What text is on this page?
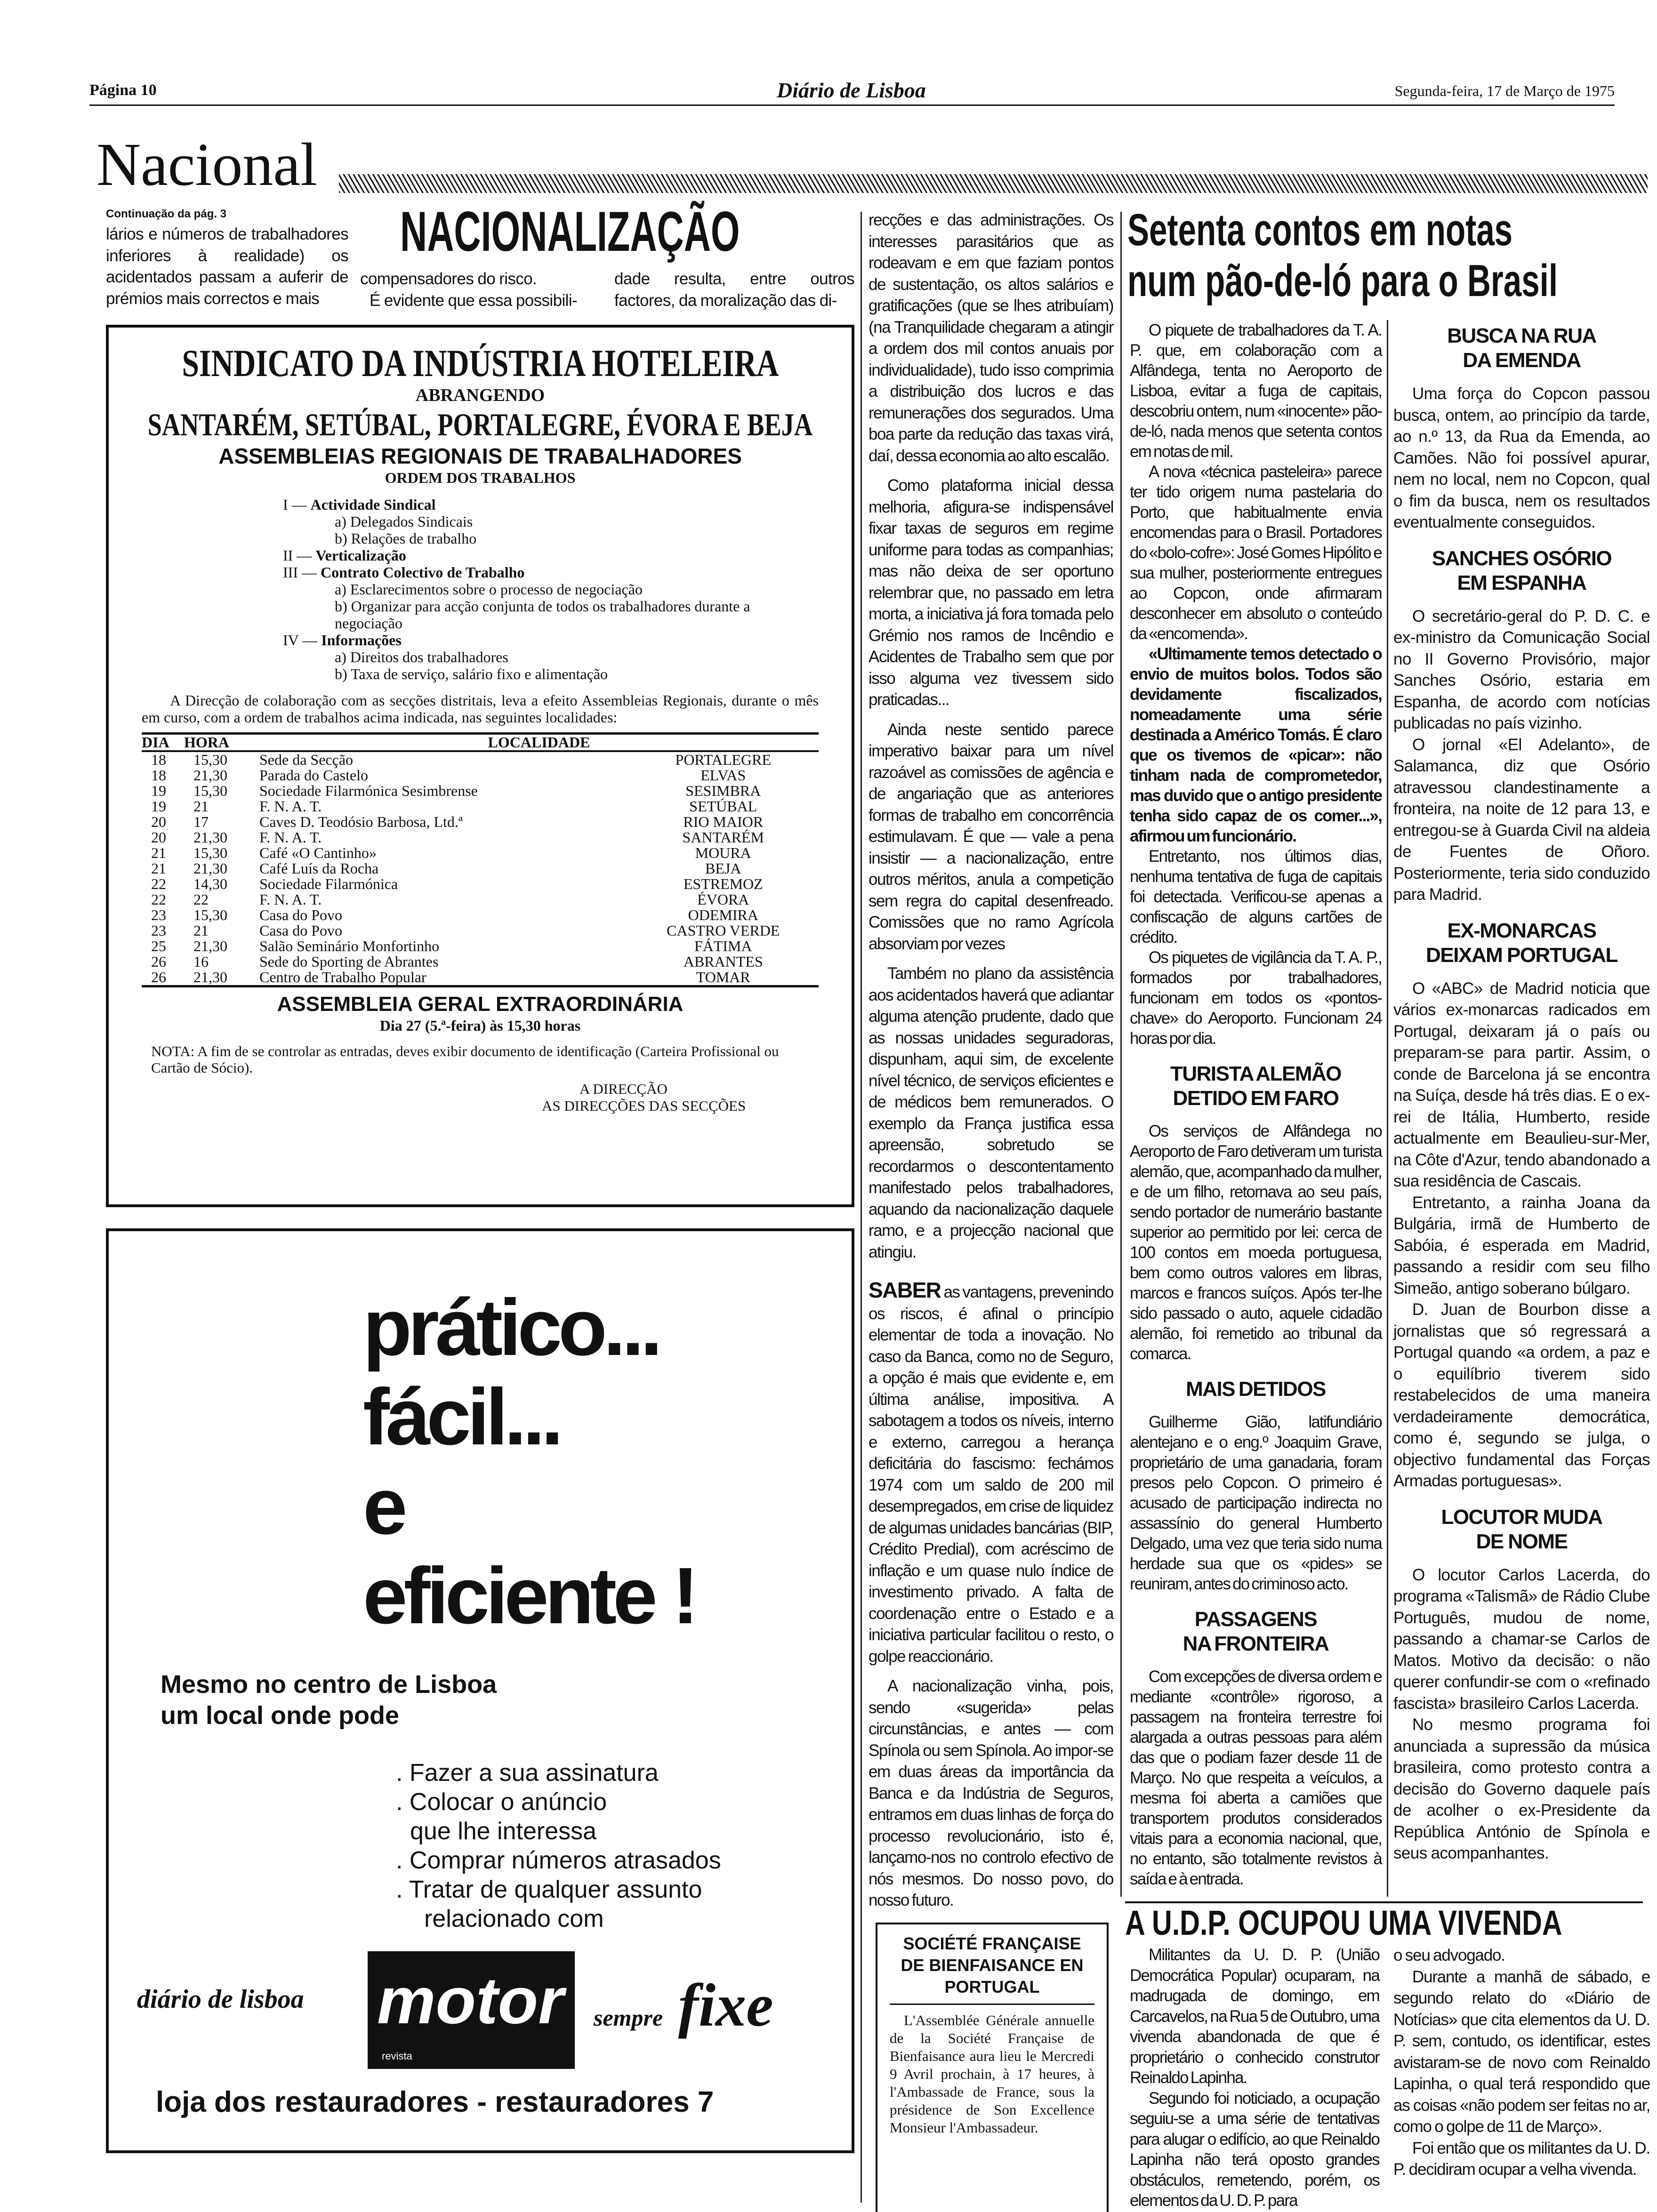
Página 10	Diário de Lisboa	Segunda-feira, 17 de Março de 1975
Nacional
Continuação da pág. 3	NACIONALIZAÇÃO

lários e números de trabalhadores inferiores à realidade) os acidentados passam a auferir de prémios mais correctos e mais

compensadores do risco.

É evidente que essa possibili-

dade resulta, entre outros factores, da moralização das di-

SINDICATO DA INDÚSTRIA HOTELEIRA
ABRANGENDO
SANTARÉM, SETÚBAL, PORTALEGRE, ÉVORA E BEJA
ASSEMBLEIAS REGIONAIS DE TRABALHADORES
ORDEM DOS TRABALHOS
I — Actividade Sindical
a) Delegados Sindicais
b) Relações de trabalho
II — Verticalização
III — Contrato Colectivo de Trabalho
a) Esclarecimentos sobre o processo de negociação
b) Organizar para acção conjunta de todos os trabalhadores durante a negociação
IV — Informações
a) Direitos dos trabalhadores
b) Taxa de serviço, salário fixo e alimentação

A Direcção de colaboração com as secções distritais, leva a efeito Assembleias Regionais, durante o mês em curso, com a ordem de trabalhos acima indicada, nas seguintes localidades:

DIA	HORA	LOCALIDADE	
18	15,30	Sede da Secção	PORTALEGRE
18	21,30	Parada do Castelo	ELVAS
19	15,30	Sociedade Filarmónica Sesimbrense	SESIMBRA
19	21	F. N. A. T.	SETÚBAL
20	17	Caves D. Teodósio Barbosa, Ltd.ª	RIO MAIOR
20	21,30	F. N. A. T.	SANTARÉM
21	15,30	Café «O Cantinho»	MOURA
21	21,30	Café Luís da Rocha	BEJA
22	14,30	Sociedade Filarmónica	ESTREMOZ
22	22	F. N. A. T.	ÉVORA
23	15,30	Casa do Povo	ODEMIRA
23	21	Casa do Povo	CASTRO VERDE
25	21,30	Salão Seminário Monfortinho	FÁTIMA
26	16	Sede do Sporting de Abrantes	ABRANTES
26	21,30	Centro de Trabalho Popular	TOMAR
ASSEMBLEIA GERAL EXTRAORDINÁRIA
Dia 27 (5.ª-feira) às 15,30 horas

NOTA: A fim de se controlar as entradas, deves exibir documento de identificação (Carteira Profissional ou Cartão de Sócio).

A DIRECÇÃO
AS DIRECÇÕES DAS SECÇÕES
prático...
fácil...
e
eficiente !
Mesmo no centro de Lisboa
um local onde pode
. Fazer a sua assinatura
. Colocar o anúncio
que lhe interessa
. Comprar números atrasados
. Tratar de qualquer assunto
relacionado com
diário de lisboa	motor
revista
sempre fixe
loja dos restauradores - restauradores 7

recções e das administrações. Os interesses parasitários que as rodeavam e em que faziam pontos de sustentação, os altos salários e gratificações (que se lhes atribuíam) (na Tranquilidade chegaram a atingir a ordem dos mil contos anuais por individualidade), tudo isso comprimia a distribuição dos lucros e das remunerações dos segurados. Uma boa parte da redução das taxas virá, daí, dessa economia ao alto escalão.

Como plataforma inicial dessa melhoria, afigura-se indispensável fixar taxas de seguros em regime uniforme para todas as companhias; mas não deixa de ser oportuno relembrar que, no passado em letra morta, a iniciativa já fora tomada pelo Grémio nos ramos de Incêndio e Acidentes de Trabalho sem que por isso alguma vez tivessem sido praticadas...

Ainda neste sentido parece imperativo baixar para um nível razoável as comissões de agência e de angariação que as anteriores formas de trabalho em concorrência estimulavam. É que — vale a pena insistir — a nacionalização, entre outros méritos, anula a competição sem regra do capital desenfreado. Comissões que no ramo Agrícola absorviam por vezes

Também no plano da assistência aos acidentados haverá que adiantar alguma atenção prudente, dado que as nossas unidades seguradoras, dispunham, aqui sim, de excelente nível técnico, de serviços eficientes e de médicos bem remunerados. O exemplo da França justifica essa apreensão, sobretudo se recordarmos o descontentamento manifestado pelos trabalhadores, aquando da nacionalização daquele ramo, e a projecção nacional que atingiu.

SABER as vantagens, prevenindo os riscos, é afinal o princípio elementar de toda a inovação. No caso da Banca, como no de Seguro, a opção é mais que evidente e, em última análise, impositiva. A sabotagem a todos os níveis, interno e externo, carregou a herança deficitária do fascismo: fechámos 1974 com um saldo de 200 mil desempregados, em crise de liquidez de algumas unidades bancárias (BIP, Crédito Predial), com acréscimo de inflação e um quase nulo índice de investimento privado. A falta de coordenação entre o Estado e a iniciativa particular facilitou o resto, o golpe reaccionário.

A nacionalização vinha, pois, sendo «sugerida» pelas circunstâncias, e antes — com Spínola ou sem Spínola. Ao impor-se em duas áreas da importância da Banca e da Indústria de Seguros, entramos em duas linhas de força do processo revolucionário, isto é, lançamo-nos no controlo efectivo de nós mesmos. Do nosso povo, do nosso futuro.

Setenta contos em notas
num pão-de-ló para o Brasil

O piquete de trabalhadores da T. A. P. que, em colaboração com a Alfândega, tenta no Aeroporto de Lisboa, evitar a fuga de capitais, descobriu ontem, num «inocente» pão-de-ló, nada menos que setenta contos em notas de mil.

A nova «técnica pasteleira» parece ter tido origem numa pastelaria do Porto, que habitualmente envia encomendas para o Brasil. Portadores do «bolo-cofre»: José Gomes Hipólito e sua mulher, posteriormente entregues ao Copcon, onde afirmaram desconhecer em absoluto o conteúdo da «encomenda».

«Ultimamente temos detectado o envio de muitos bolos. Todos são devidamente fiscalizados, nomeadamente uma série destinada a Américo Tomás. É claro que os tivemos de «picar»: não tinham nada de comprometedor, mas duvido que o antigo presidente tenha sido capaz de os comer...», afirmou um funcionário.

Entretanto, nos últimos dias, nenhuma tentativa de fuga de capitais foi detectada. Verificou-se apenas a confiscação de alguns cartões de crédito.

Os piquetes de vigilância da T. A. P., formados por trabalhadores, funcionam em todos os «pontos-chave» do Aeroporto. Funcionam 24 horas por dia.

TURISTA ALEMÃO
DETIDO EM FARO

Os serviços de Alfândega no Aeroporto de Faro detiveram um turista alemão, que, acompanhado da mulher, e de um filho, retornava ao seu país, sendo portador de numerário bastante superior ao permitido por lei: cerca de 100 contos em moeda portuguesa, bem como outros valores em libras, marcos e francos suíços. Após ter-lhe sido passado o auto, aquele cidadão alemão, foi remetido ao tribunal da comarca.

MAIS DETIDOS

Guilherme Gião, latifundiário alentejano e o eng.º Joaquim Grave, proprietário de uma ganadaria, foram presos pelo Copcon. O primeiro é acusado de participação indirecta no assassínio do general Humberto Delgado, uma vez que teria sido numa herdade sua que os «pides» se reuniram, antes do criminoso acto.

PASSAGENS
NA FRONTEIRA

Com excepções de diversa ordem e mediante «contrôle» rigoroso, a passagem na fronteira terrestre foi alargada a outras pessoas para além das que o podiam fazer desde 11 de Março. No que respeita a veículos, a mesma foi aberta a camiões que transportem produtos considerados vitais para a economia nacional, que, no entanto, são totalmente revistos à saída e à entrada.

BUSCA NA RUA
DA EMENDA

Uma força do Copcon passou busca, ontem, ao princípio da tarde, ao n.º 13, da Rua da Emenda, ao Camões. Não foi possível apurar, nem no local, nem no Copcon, qual o fim da busca, nem os resultados eventualmente conseguidos.

SANCHES OSÓRIO
EM ESPANHA

O secretário-geral do P. D. C. e ex-ministro da Comunicação Social no II Governo Provisório, major Sanches Osório, estaria em Espanha, de acordo com notícias publicadas no país vizinho.

O jornal «El Adelanto», de Salamanca, diz que Osório atravessou clandestinamente a fronteira, na noite de 12 para 13, e entregou-se à Guarda Civil na aldeia de Fuentes de Oñoro. Posteriormente, teria sido conduzido para Madrid.

EX-MONARCAS
DEIXAM PORTUGAL

O «ABC» de Madrid noticia que vários ex-monarcas radicados em Portugal, deixaram já o país ou preparam-se para partir. Assim, o conde de Barcelona já se encontra na Suíça, desde há três dias. E o ex-rei de Itália, Humberto, reside actualmente em Beaulieu-sur-Mer, na Côte d'Azur, tendo abandonado a sua residência de Cascais.

Entretanto, a rainha Joana da Bulgária, irmã de Humberto de Sabóia, é esperada em Madrid, passando a residir com seu filho Simeão, antigo soberano búlgaro.

D. Juan de Bourbon disse a jornalistas que só regressará a Portugal quando «a ordem, a paz e o equilíbrio tiverem sido restabelecidos de uma maneira verdadeiramente democrática, como é, segundo se julga, o objectivo fundamental das Forças Armadas portuguesas».

LOCUTOR MUDA
DE NOME

O locutor Carlos Lacerda, do programa «Talismã» de Rádio Clube Português, mudou de nome, passando a chamar-se Carlos de Matos. Motivo da decisão: o não querer confundir-se com o «refinado fascista» brasileiro Carlos Lacerda.

No mesmo programa foi anunciada a supressão da música brasileira, como protesto contra a decisão do Governo daquele país de acolher o ex-Presidente da República António de Spínola e seus acompanhantes.

SOCIÉTÉ FRANÇAISE DE BIENFAISANCE EN PORTUGAL

L'Assemblée Générale annuelle de la Société Française de Bienfaisance aura lieu le Mercredi 9 Avril prochain, à 17 heures, à l'Ambassade de France, sous la présidence de Son Excellence Monsieur l'Ambassadeur.

A U.D.P. OCUPOU UMA VIVENDA

Militantes da U. D. P. (União Democrática Popular) ocuparam, na madrugada de domingo, em Carcavelos, na Rua 5 de Outubro, uma vivenda abandonada de que é proprietário o conhecido construtor Reinaldo Lapinha.

Segundo foi noticiado, a ocupação seguiu-se a uma série de tentativas para alugar o edifício, ao que Reinaldo Lapinha não terá oposto grandes obstáculos, remetendo, porém, os elementos da U. D. P. para

o seu advogado.

Durante a manhã de sábado, e segundo relato do «Diário de Notícias» que cita elementos da U. D. P. sem, contudo, os identificar, estes avistaram-se de novo com Reinaldo Lapinha, o qual terá respondido que as coisas «não podem ser feitas no ar, como o golpe de 11 de Março».

Foi então que os militantes da U. D. P. decidiram ocupar a velha vivenda.
